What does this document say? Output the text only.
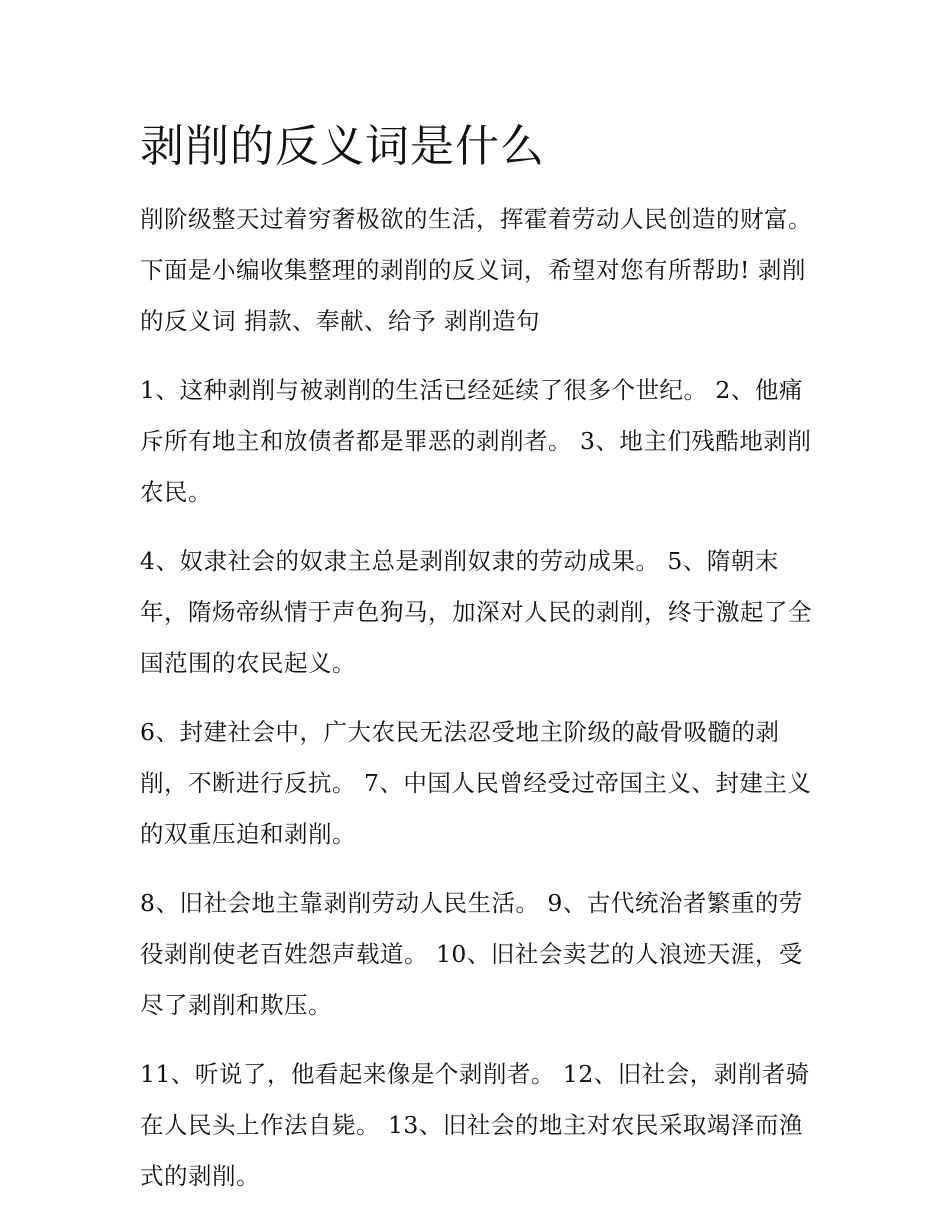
剥削的反义词是什么

削阶级整天过着穷奢极欲的生活，挥霍着劳动人民创造的财富。下面是小编收集整理的剥削的反义词，希望对您有所帮助! 剥削的反义词 捐款、奉献、给予 剥削造句

1、这种剥削与被剥削的生活已经延续了很多个世纪。 2、他痛斥所有地主和放债者都是罪恶的剥削者。 3、地主们残酷地剥削农民。

4、奴隶社会的奴隶主总是剥削奴隶的劳动成果。 5、隋朝末年，隋炀帝纵情于声色狗马，加深对人民的剥削，终于激起了全国范围的农民起义。

6、封建社会中，广大农民无法忍受地主阶级的敲骨吸髓的剥削，不断进行反抗。 7、中国人民曾经受过帝国主义、封建主义的双重压迫和剥削。

8、旧社会地主靠剥削劳动人民生活。 9、古代统治者繁重的劳役剥削使老百姓怨声载道。 10、旧社会卖艺的人浪迹天涯，受尽了剥削和欺压。

11、听说了，他看起来像是个剥削者。 12、旧社会，剥削者骑在人民头上作法自毙。 13、旧社会的地主对农民采取竭泽而渔式的剥削。
